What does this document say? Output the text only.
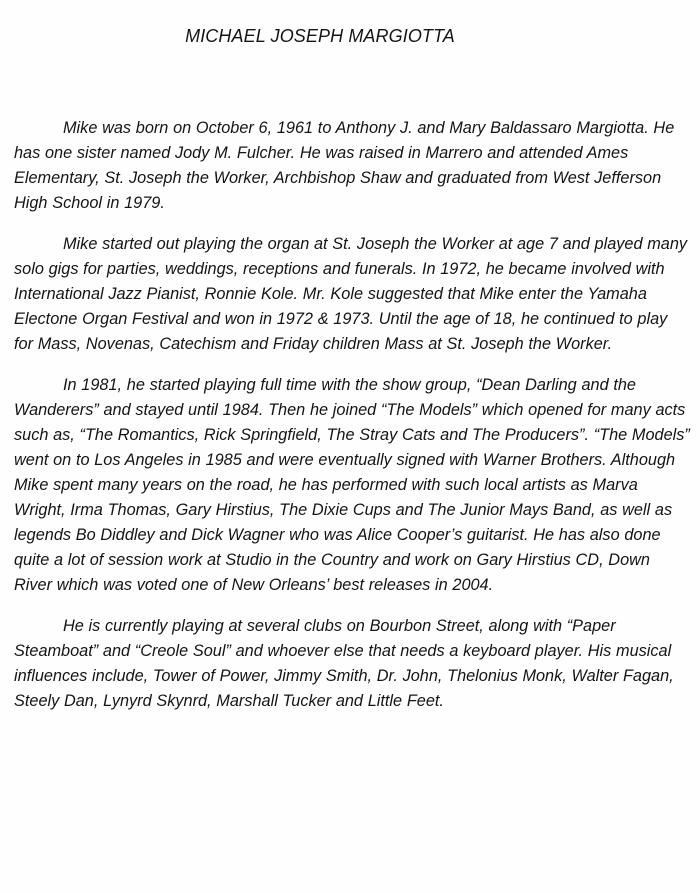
MICHAEL JOSEPH MARGIOTTA

Mike was born on October 6, 1961 to Anthony J. and Mary Baldassaro Margiotta. He has one sister named Jody M. Fulcher. He was raised in Marrero and attended Ames Elementary, St. Joseph the Worker, Archbishop Shaw and graduated from West Jefferson High School in 1979.

Mike started out playing the organ at St. Joseph the Worker at age 7 and played many solo gigs for parties, weddings, receptions and funerals. In 1972, he became involved with International Jazz Pianist, Ronnie Kole. Mr. Kole suggested that Mike enter the Yamaha Electone Organ Festival and won in 1972 & 1973. Until the age of 18, he continued to play for Mass, Novenas, Catechism and Friday children Mass at St. Joseph the Worker.

In 1981, he started playing full time with the show group, “Dean Darling and the Wanderers” and stayed until 1984. Then he joined “The Models” which opened for many acts such as, “The Romantics, Rick Springfield, The Stray Cats and The Producers”. “The Models” went on to Los Angeles in 1985 and were eventually signed with Warner Brothers. Although Mike spent many years on the road, he has performed with such local artists as Marva Wright, Irma Thomas, Gary Hirstius, The Dixie Cups and The Junior Mays Band, as well as legends Bo Diddley and Dick Wagner who was Alice Cooper’s guitarist. He has also done quite a lot of session work at Studio in the Country and work on Gary Hirstius CD, Down River which was voted one of New Orleans’ best releases in 2004.

He is currently playing at several clubs on Bourbon Street, along with “Paper Steamboat” and “Creole Soul” and whoever else that needs a keyboard player. His musical influences include, Tower of Power, Jimmy Smith, Dr. John, Thelonius Monk, Walter Fagan, Steely Dan, Lynyrd Skynrd, Marshall Tucker and Little Feet.
